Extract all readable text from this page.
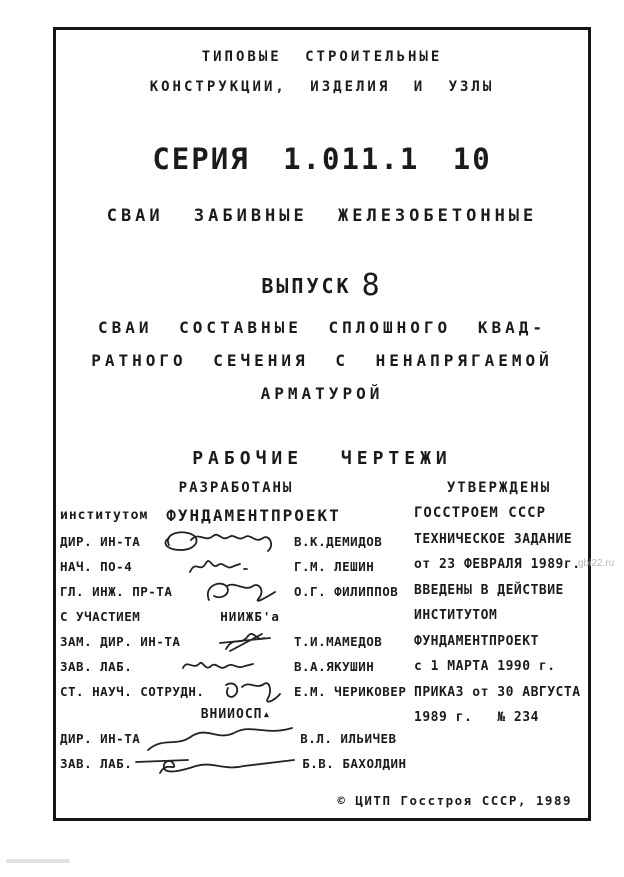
ТИПОВЫЕ СТРОИТЕЛЬНЫЕ
КОНСТРУКЦИИ, ИЗДЕЛИЯ И УЗЛЫ
СЕРИЯ 1.011.1 10
СВАИ ЗАБИВНЫЕ ЖЕЛЕЗОБЕТОННЫЕ
ВЫПУСК 8
СВАИ СОСТАВНЫЕ СПЛОШНОГО КВАД-
РАТНОГО СЕЧЕНИЯ С НЕНАПРЯГАЕМОЙ
АРМАТУРОЙ
РАБОЧИЕ ЧЕРТЕЖИ
РАЗРАБОТАНЫ
институтом ФУНДАМЕНТПРОЕКТ
ДИР. ИН-ТА	В.К.ДЕМИДОВ
НАЧ. ПО-4	Г.М. ЛЕШИН
ГЛ. ИНЖ. ПР-ТА	О.Г. ФИЛИППОВ
С УЧАСТИЕМ	НИИЖБ'а
ЗАМ. ДИР. ИН-ТА	Т.И.МАМЕДОВ
ЗАВ. ЛАБ.	В.А.ЯКУШИН
СТ. НАУЧ. СОТРУДН.	Е.М. ЧЕРИКОВЕР
ВНИИОСП▴
ДИР. ИН-ТА	В.Л. ИЛЬИЧЕВ
ЗАВ. ЛАБ.	Б.В. БАХОЛДИН
УТВЕРЖДЕНЫ
ГОССТРОЕМ СССР
ТЕХНИЧЕСКОЕ ЗАДАНИЕ
от 23 ФЕВРАЛЯ 1989г.
ВВЕДЕНЫ В ДЕЙСТВИЕ
ИНСТИТУТОМ
ФУНДАМЕНТПРОЕКТ
с 1 МАРТА 1990 г.
ПРИКАЗ от 30 АВГУСТА
1989 г.   № 234
© ЦИТП Госстроя СССР, 1989
gbi22.ru
